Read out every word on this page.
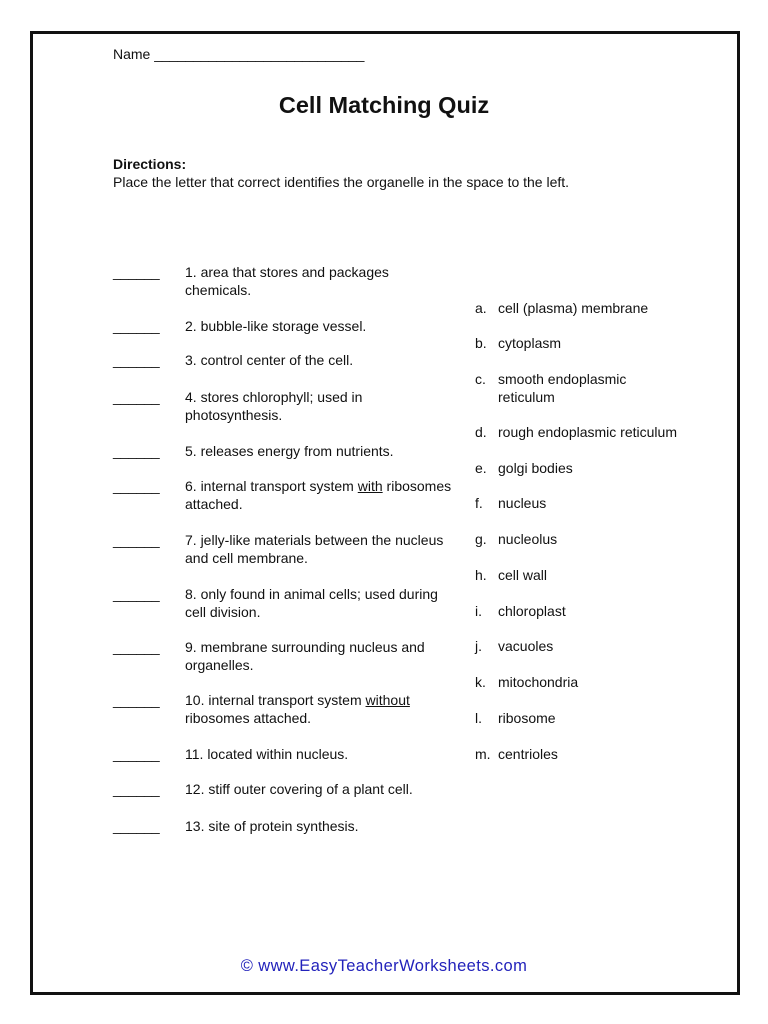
Name ___________________________
Cell Matching Quiz
Directions:
Place the letter that correct identifies the organelle in the space to the left.
______ 1. area that stores and packages chemicals.
______ 2. bubble-like storage vessel.
______ 3. control center of the cell.
______ 4. stores chlorophyll; used in photosynthesis.
______ 5. releases energy from nutrients.
______ 6. internal transport system with ribosomes attached.
______ 7. jelly-like materials between the nucleus and cell membrane.
______ 8. only found in animal cells; used during cell division.
______ 9. membrane surrounding nucleus and organelles.
______ 10. internal transport system without ribosomes attached.
______ 11. located within nucleus.
______ 12. stiff outer covering of a plant cell.
______ 13. site of protein synthesis.
a. cell (plasma) membrane
b. cytoplasm
c. smooth endoplasmic reticulum
d. rough endoplasmic reticulum
e. golgi bodies
f. nucleus
g. nucleolus
h. cell wall
i. chloroplast
j. vacuoles
k. mitochondria
l. ribosome
m. centrioles
© www.EasyTeacherWorksheets.com
